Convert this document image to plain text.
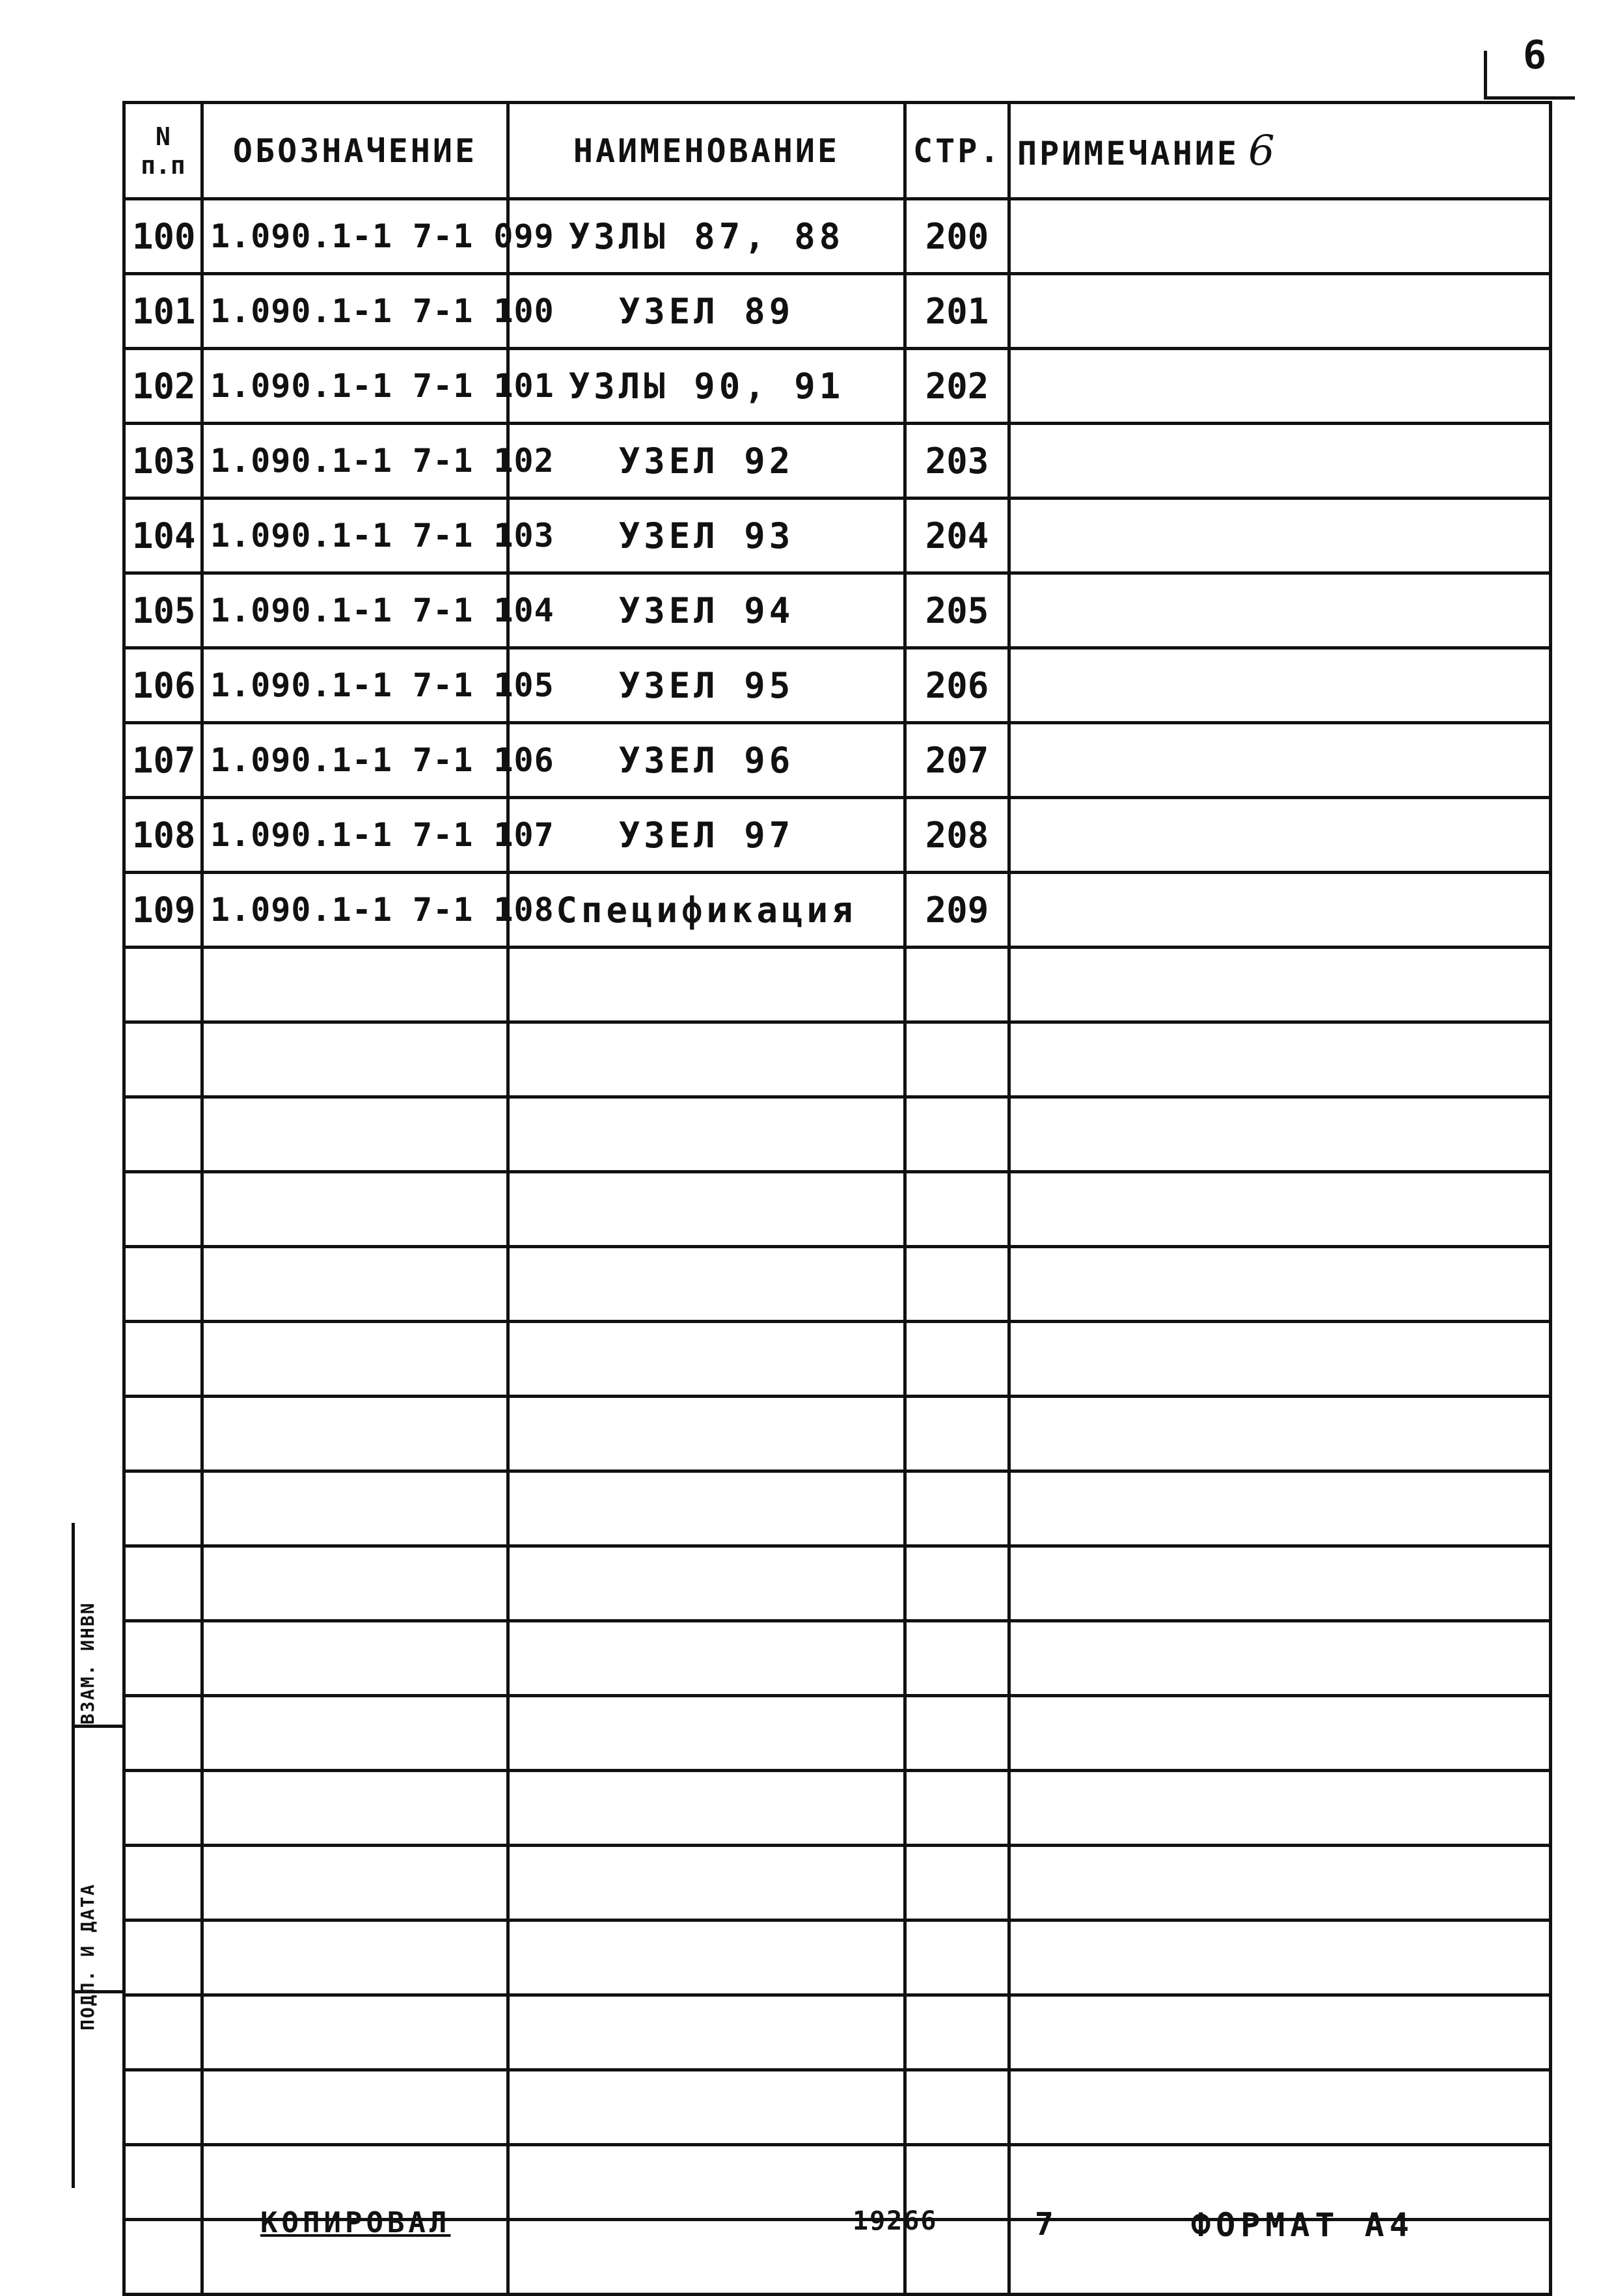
6
N
п.п	ОБОЗНАЧЕНИЕ	НАИМЕНОВАНИЕ	СТР.	ПРИМЕЧАНИЕ 6
100	1.090.1-1 7-1 099	УЗЛЫ 87, 88	200	
101	1.090.1-1 7-1 100	УЗЕЛ 89	201	
102	1.090.1-1 7-1 101	УЗЛЫ 90, 91	202	
103	1.090.1-1 7-1 102	УЗЕЛ 92	203	
104	1.090.1-1 7-1 103	УЗЕЛ 93	204	
105	1.090.1-1 7-1 104	УЗЕЛ 94	205	
106	1.090.1-1 7-1 105	УЗЕЛ 95	206	
107	1.090.1-1 7-1 106	УЗЕЛ 96	207	
108	1.090.1-1 7-1 107	УЗЕЛ 97	208	
109	1.090.1-1 7-1 108	Спецификация	209	

ВЗАМ. ИНВN
ПОДП. И ДАТА
КОПИРОВАЛ	19266	7	ФОРМАТ А4
